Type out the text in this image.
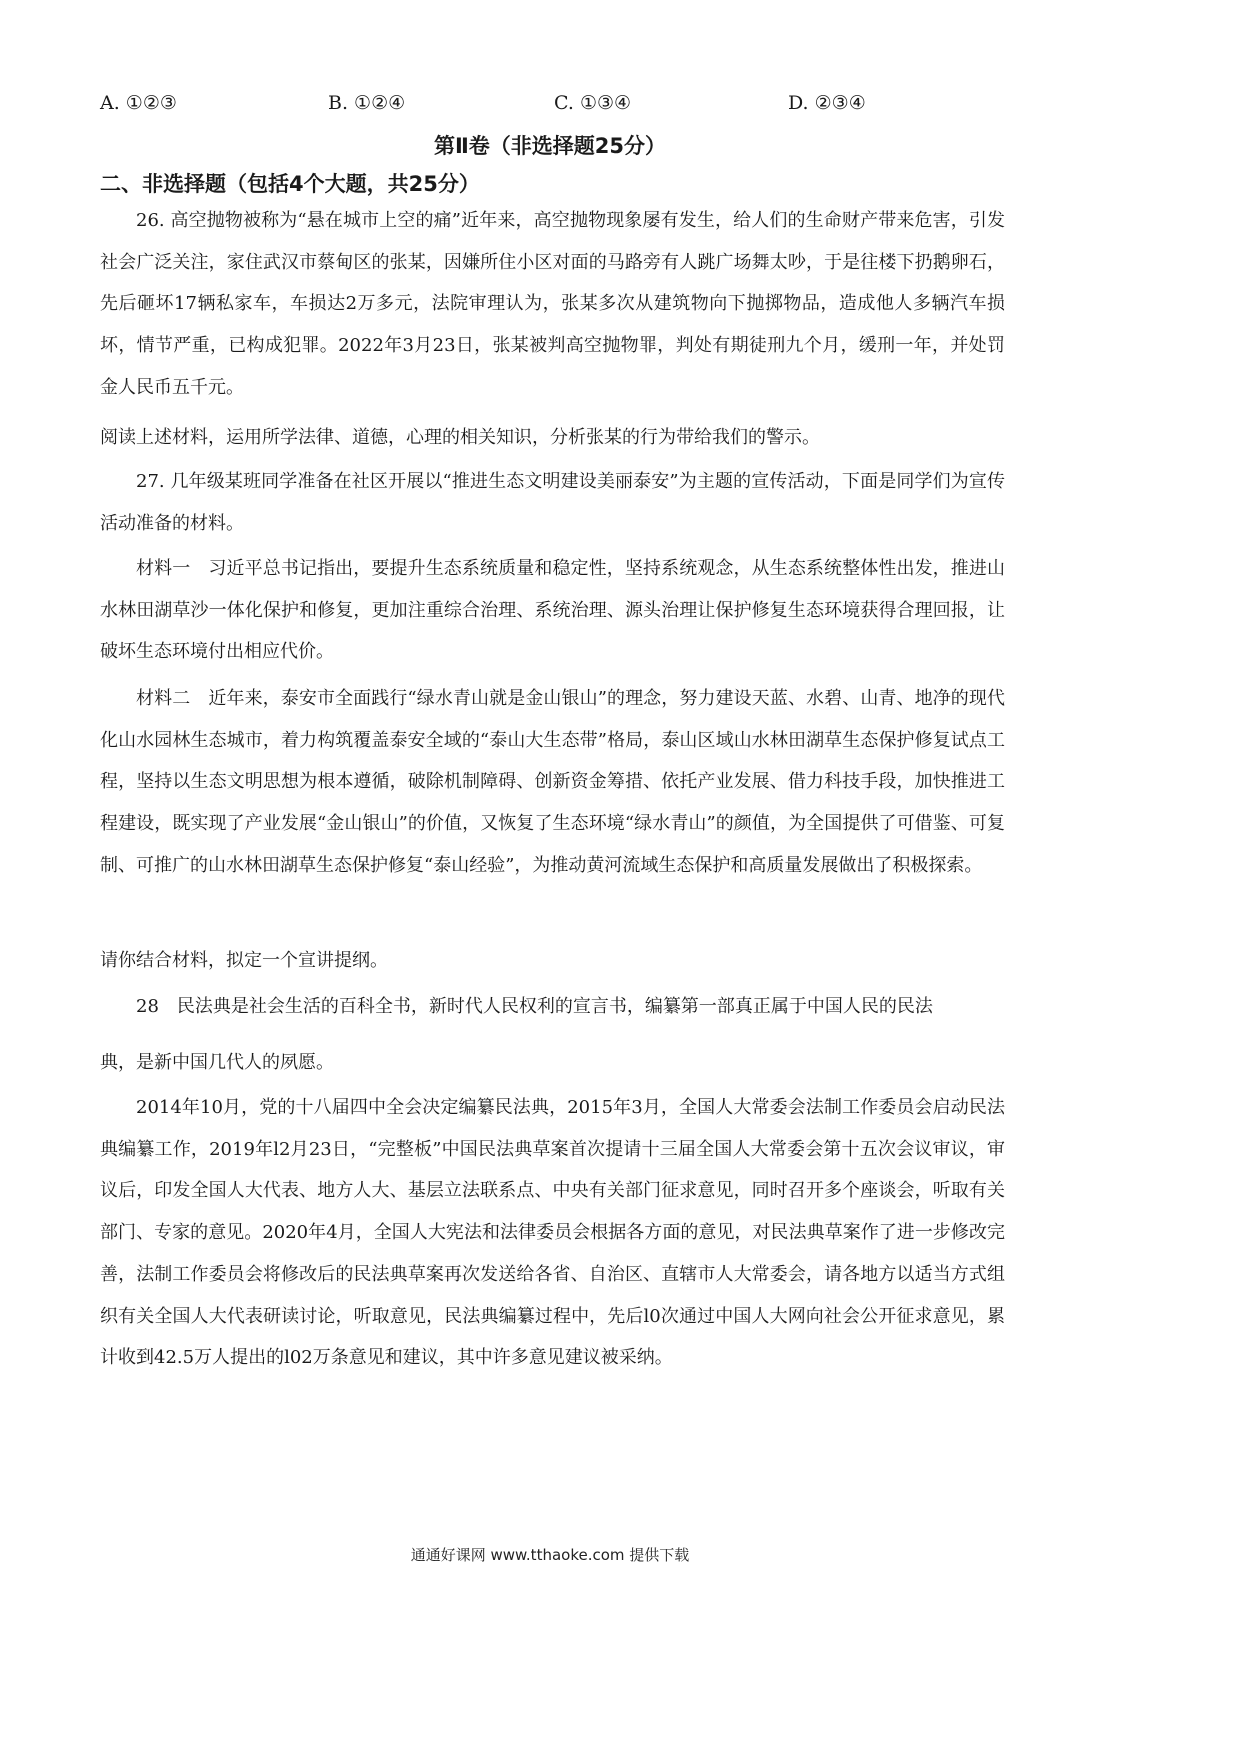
A. ①②③	B. ①②④	C. ①③④	D. ②③④
第Ⅱ卷（非选择题25分）
二、非选择题（包括4个大题，共25分）
26. 高空抛物被称为“悬在城市上空的痛”近年来，高空抛物现象屡有发生，给人们的生命财产带来危害，引发社会广泛关注，家住武汉市蔡甸区的张某，因嫌所住小区对面的马路旁有人跳广场舞太吵，于是往楼下扔鹅卵石，先后砸坏17辆私家车，车损达2万多元，法院审理认为，张某多次从建筑物向下抛掷物品，造成他人多辆汽车损坏，情节严重，已构成犯罪。2022年3月23日，张某被判高空抛物罪，判处有期徒刑九个月，缓刑一年，并处罚金人民币五千元。
阅读上述材料，运用所学法律、道德，心理的相关知识，分析张某的行为带给我们的警示。
27. 几年级某班同学准备在社区开展以“推进生态文明建设美丽泰安”为主题的宣传活动，下面是同学们为宣传活动准备的材料。
材料一　习近平总书记指出，要提升生态系统质量和稳定性，坚持系统观念，从生态系统整体性出发，推进山水林田湖草沙一体化保护和修复，更加注重综合治理、系统治理、源头治理让保护修复生态环境获得合理回报，让破坏生态环境付出相应代价。
材料二　近年来，泰安市全面践行“绿水青山就是金山银山”的理念，努力建设天蓝、水碧、山青、地净的现代化山水园林生态城市，着力构筑覆盖泰安全域的“泰山大生态带”格局，泰山区域山水林田湖草生态保护修复试点工程，坚持以生态文明思想为根本遵循，破除机制障碍、创新资金筹措、依托产业发展、借力科技手段，加快推进工程建设，既实现了产业发展“金山银山”的价值，又恢复了生态环境“绿水青山”的颜值，为全国提供了可借鉴、可复制、可推广的山水林田湖草生态保护修复“泰山经验”，为推动黄河流域生态保护和高质量发展做出了积极探索。
请你结合材料，拟定一个宣讲提纲。
28　民法典是社会生活的百科全书，新时代人民权利的宣言书，编纂第一部真正属于中国人民的民法
典，是新中国几代人的夙愿。
2014年10月，党的十八届四中全会决定编纂民法典，2015年3月，全国人大常委会法制工作委员会启动民法典编纂工作，2019年l2月23日，“完整板”中国民法典草案首次提请十三届全国人大常委会第十五次会议审议，审议后，印发全国人大代表、地方人大、基层立法联系点、中央有关部门征求意见，同时召开多个座谈会，听取有关部门、专家的意见。2020年4月，全国人大宪法和法律委员会根据各方面的意见，对民法典草案作了进一步修改完善，法制工作委员会将修改后的民法典草案再次发送给各省、自治区、直辖市人大常委会，请各地方以适当方式组织有关全国人大代表研读讨论，听取意见，民法典编纂过程中，先后l0次通过中国人大网向社会公开征求意见，累计收到42.5万人提出的l02万条意见和建议，其中许多意见建议被采纳。
通通好课网 www.tthaoke.com 提供下载
